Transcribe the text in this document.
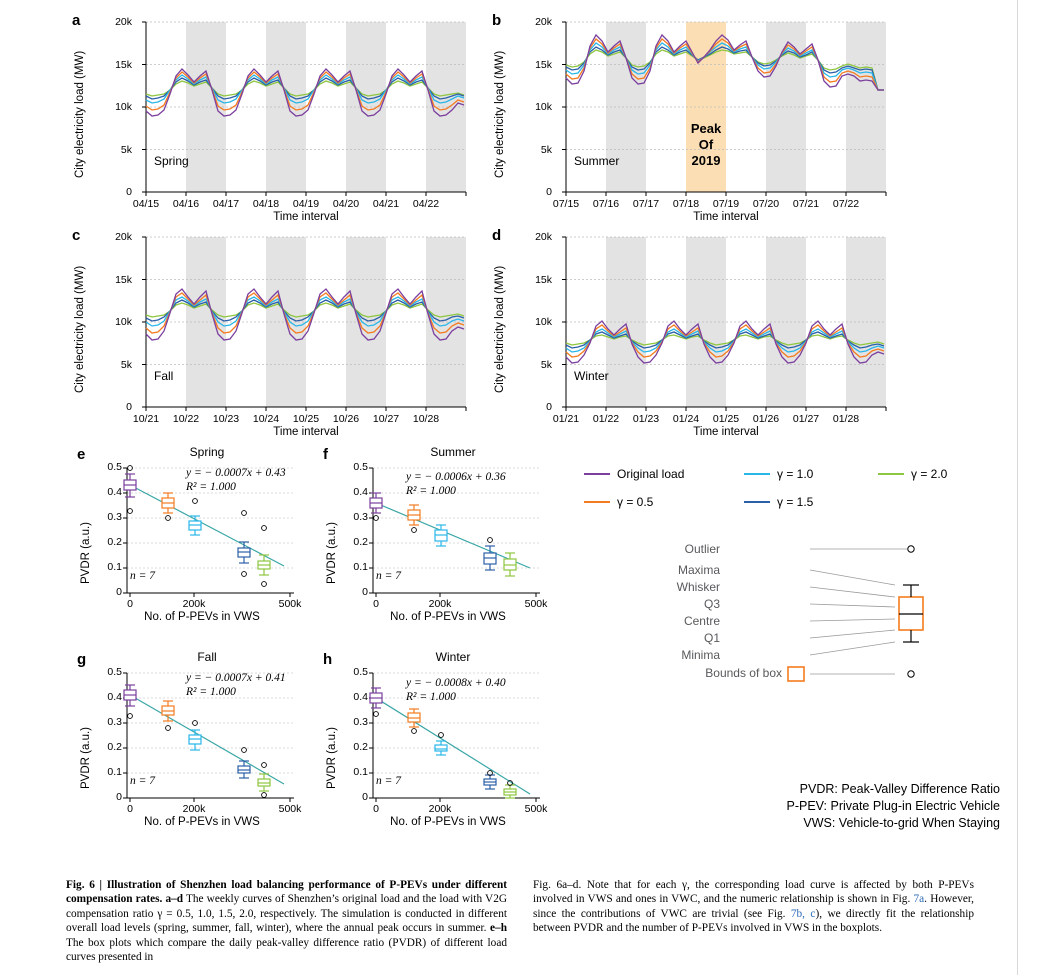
a
City electricity load (MW)
0
5k
10k
15k
20k
04/15	04/16	04/17	04/18	04/19	04/20	04/21	04/22
Time interval
Spring
b
Peak
Of
2019
City electricity load (MW)
0
5k
10k
15k
20k
07/15	07/16	07/17	07/18	07/19	07/20	07/21	07/22
Time interval
Summer
c
City electricity load (MW)
0
5k
10k
15k
20k
10/21	10/22	10/23	10/24	10/25	10/26	10/27	10/28
Time interval
Fall
d
City electricity load (MW)
0
5k
10k
15k
20k
01/21	01/22	01/23	01/24	01/25	01/26	01/27	01/28
Time interval
Winter
e	Spring
PVDR (a.u.)
0
0.1
0.2
0.3
0.4
0.5
0	200k	500k
No. of P-PEVs in VWS
y = − 0.0007x + 0.43
R² = 1.000
n = 7
f	Summer
PVDR (a.u.)
0
0.1
0.2
0.3
0.4
0.5
0	200k	500k
No. of P-PEVs in VWS
y = − 0.0006x + 0.36
R² = 1.000
n = 7
g	Fall
PVDR (a.u.)
0
0.1
0.2
0.3
0.4
0.5
0	200k	500k
No. of P-PEVs in VWS
y = − 0.0007x + 0.41
R² = 1.000
n = 7
h	Winter
PVDR (a.u.)
0
0.1
0.2
0.3
0.4
0.5
0	200k	500k
No. of P-PEVs in VWS
y = − 0.0008x + 0.40
R² = 1.000
n = 7
Original load	γ = 1.0	γ = 2.0
γ = 0.5	γ = 1.5
Outlier
Maxima
Whisker
Q3
Centre
Q1
Minima
Bounds of box
PVDR: Peak-Valley Difference Ratio
P-PEV: Private Plug-in Electric Vehicle
VWS: Vehicle-to-grid When Staying
Fig. 6 | Illustration of Shenzhen load balancing performance of P-PEVs under different compensation rates. a–d The weekly curves of Shenzhen’s original load and the load with V2G compensation ratio γ = 0.5, 1.0, 1.5, 2.0, respectively. The simulation is conducted in different overall load levels (spring, summer, fall, winter), where the annual peak occurs in summer. e–h The box plots which compare the daily peak-valley difference ratio (PVDR) of different load curves presented in
Fig. 6a–d. Note that for each γ, the corresponding load curve is affected by both P-PEVs involved in VWS and ones in VWC, and the numeric relationship is shown in Fig. 7a. However, since the contributions of VWC are trivial (see Fig. 7b, c), we directly fit the relationship between PVDR and the number of P-PEVs involved in VWS in the boxplots.
